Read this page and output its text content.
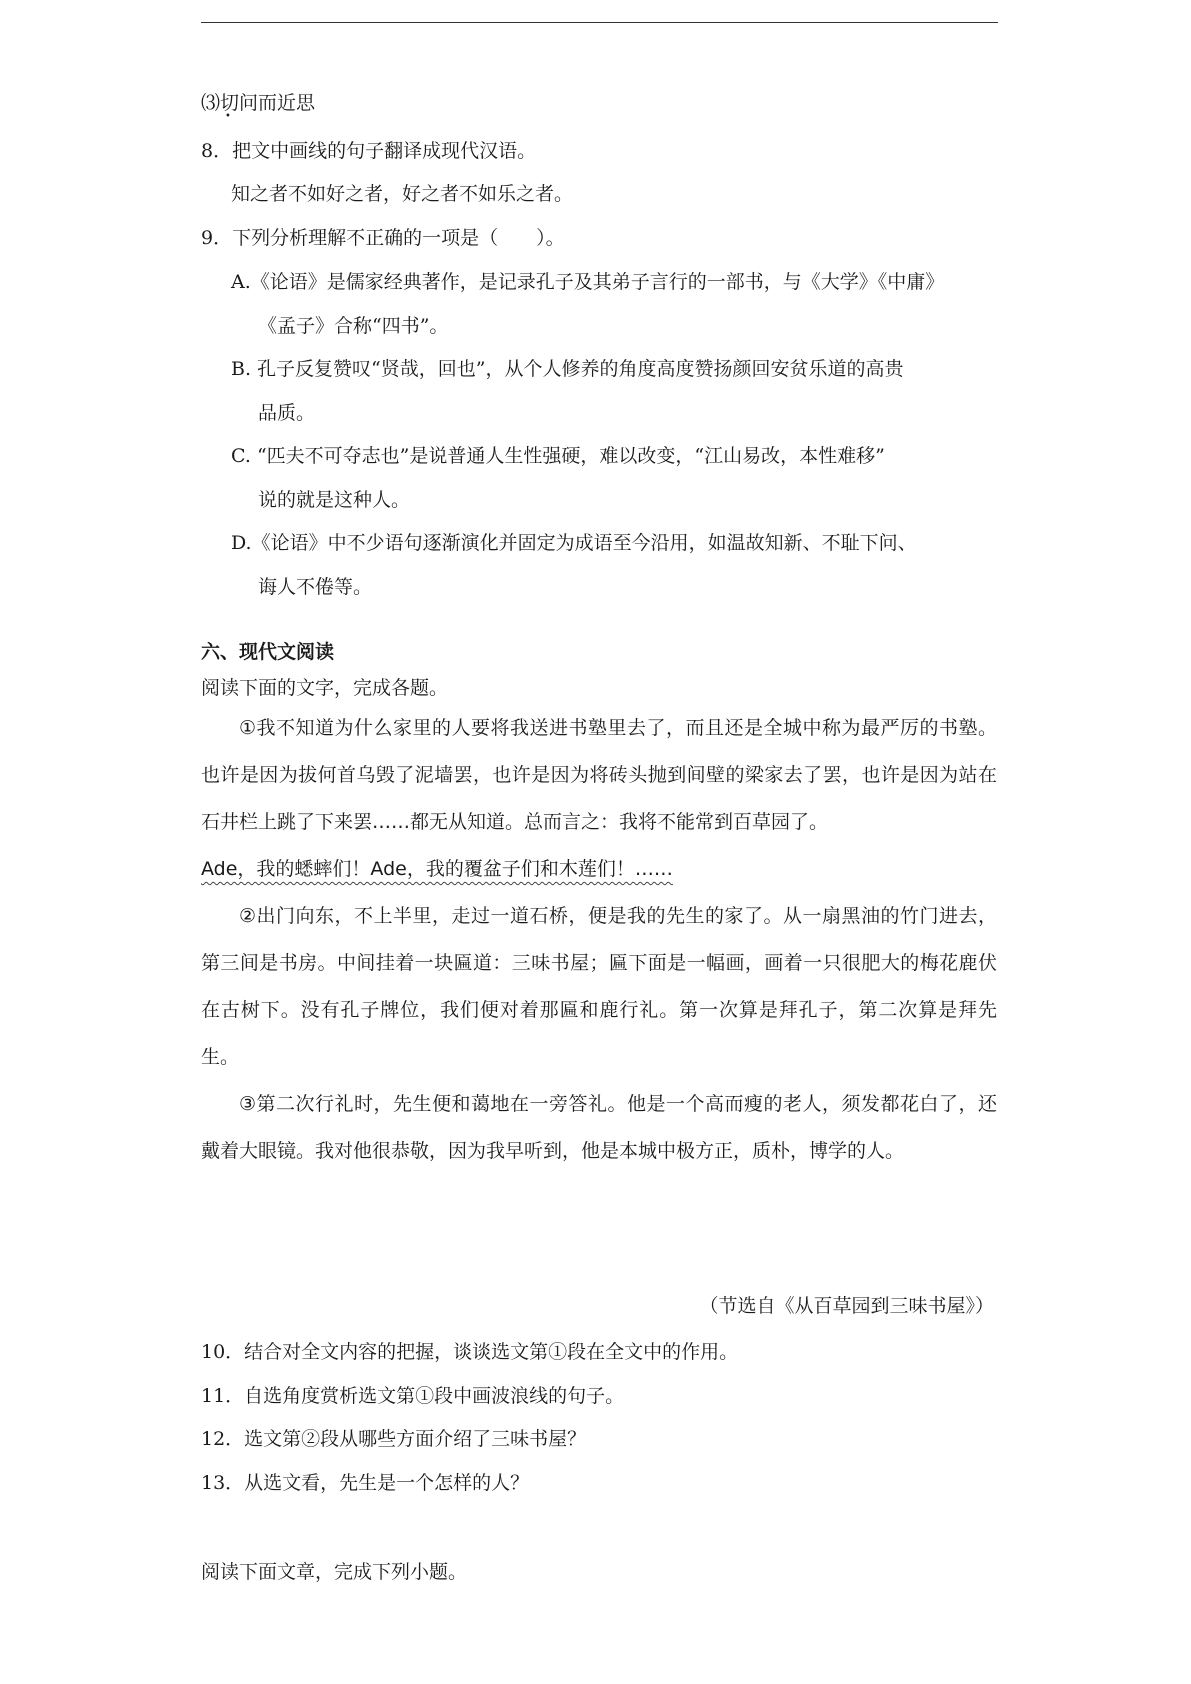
⑶切问而近思
8．把文中画线的句子翻译成现代汉语。
知之者不如好之者，好之者不如乐之者。
9．下列分析理解不正确的一项是（　　）。
A.《论语》是儒家经典著作，是记录孔子及其弟子言行的一部书，与《大学》《中庸》
《孟子》合称“四书”。
B. 孔子反复赞叹“贤哉，回也”，从个人修养的角度高度赞扬颜回安贫乐道的高贵
品质。
C. “匹夫不可夺志也”是说普通人生性强硬，难以改变，“江山易改，本性难移”
说的就是这种人。
D.《论语》中不少语句逐渐演化并固定为成语至今沿用，如温故知新、不耻下问、
诲人不倦等。
六、现代文阅读
阅读下面的文字，完成各题。

①我不知道为什么家里的人要将我送进书塾里去了，而且还是全城中称为最严厉的书塾。也许是因为拔何首乌毁了泥墙罢，也许是因为将砖头抛到间壁的梁家去了罢，也许是因为站在石井栏上跳了下来罢……都无从知道。总而言之：我将不能常到百草园了。
Ade，我的蟋蟀们！Ade，我的覆盆子们和木莲们！……

②出门向东，不上半里，走过一道石桥，便是我的先生的家了。从一扇黑油的竹门进去，第三间是书房。中间挂着一块匾道：三味书屋；匾下面是一幅画，画着一只很肥大的梅花鹿伏在古树下。没有孔子牌位，我们便对着那匾和鹿行礼。第一次算是拜孔子，第二次算是拜先生。

③第二次行礼时，先生便和蔼地在一旁答礼。他是一个高而瘦的老人，须发都花白了，还戴着大眼镜。我对他很恭敬，因为我早听到，他是本城中极方正，质朴，博学的人。

（节选自《从百草园到三味书屋》）
10．结合对全文内容的把握，谈谈选文第①段在全文中的作用。
11．自选角度赏析选文第①段中画波浪线的句子。
12．选文第②段从哪些方面介绍了三味书屋？
13．从选文看，先生是一个怎样的人？
阅读下面文章，完成下列小题。
